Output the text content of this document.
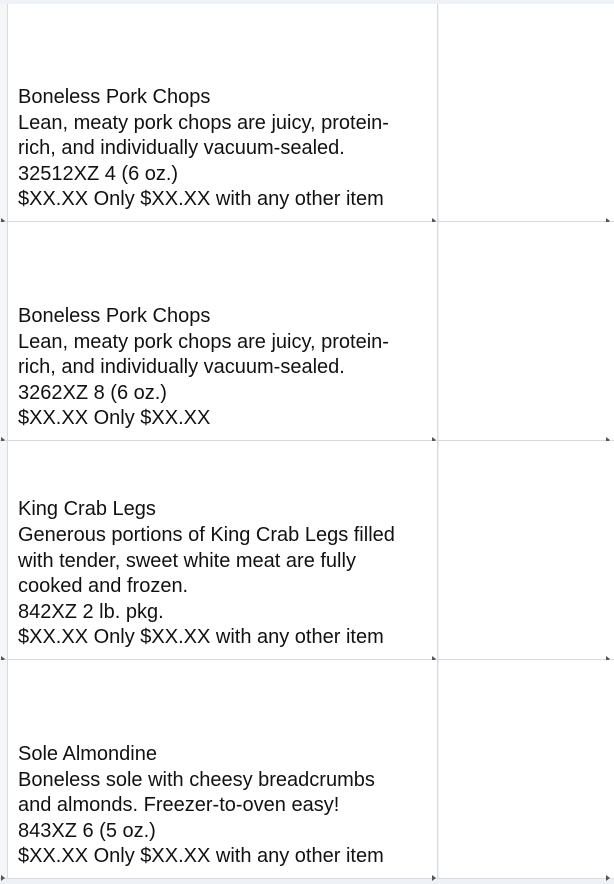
Boneless Pork Chops
Lean, meaty pork chops are juicy, protein-
rich, and individually vacuum-sealed.
32512XZ 4 (6 oz.)
$XX.XX Only $XX.XX with any other item
Boneless Pork Chops
Lean, meaty pork chops are juicy, protein-
rich, and individually vacuum-sealed.
3262XZ 8 (6 oz.)
$XX.XX Only $XX.XX
King Crab Legs
Generous portions of King Crab Legs filled
with tender, sweet white meat are fully
cooked and frozen.
842XZ 2 lb. pkg.
$XX.XX Only $XX.XX with any other item
Sole Almondine
Boneless sole with cheesy breadcrumbs
and almonds. Freezer-to-oven easy!
843XZ 6 (5 oz.)
$XX.XX Only $XX.XX with any other item
